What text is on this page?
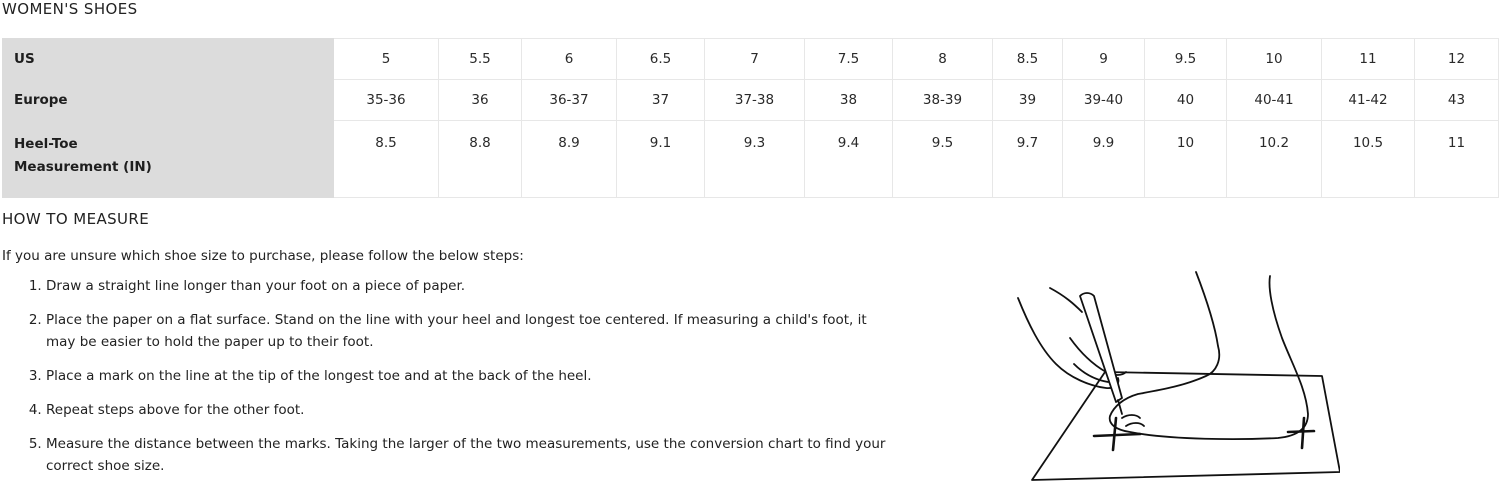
WOMEN'S SHOES
US	5	5.5	6	6.5	7	7.5	8	8.5	9	9.5	10	11	12
Europe	35-36	36	36-37	37	37-38	38	38-39	39	39-40	40	40-41	41-42	43

Heel-Toe
Measurement (IN)	8.5	8.8	8.9	9.1	9.3	9.4	9.5	9.7	9.9	10	10.2	10.5	11
HOW TO MEASURE

If you are unsure which shoe size to purchase, please follow the below steps:

1. Draw a straight line longer than your foot on a piece of paper.
2. Place the paper on a flat surface. Stand on the line with your heel and longest toe centered. If measuring a child's foot, it may be easier to hold the paper up to their foot.
3. Place a mark on the line at the tip of the longest toe and at the back of the heel.
4. Repeat steps above for the other foot.
5. Measure the distance between the marks. Taking the larger of the two measurements, use the conversion chart to find your correct shoe size.
